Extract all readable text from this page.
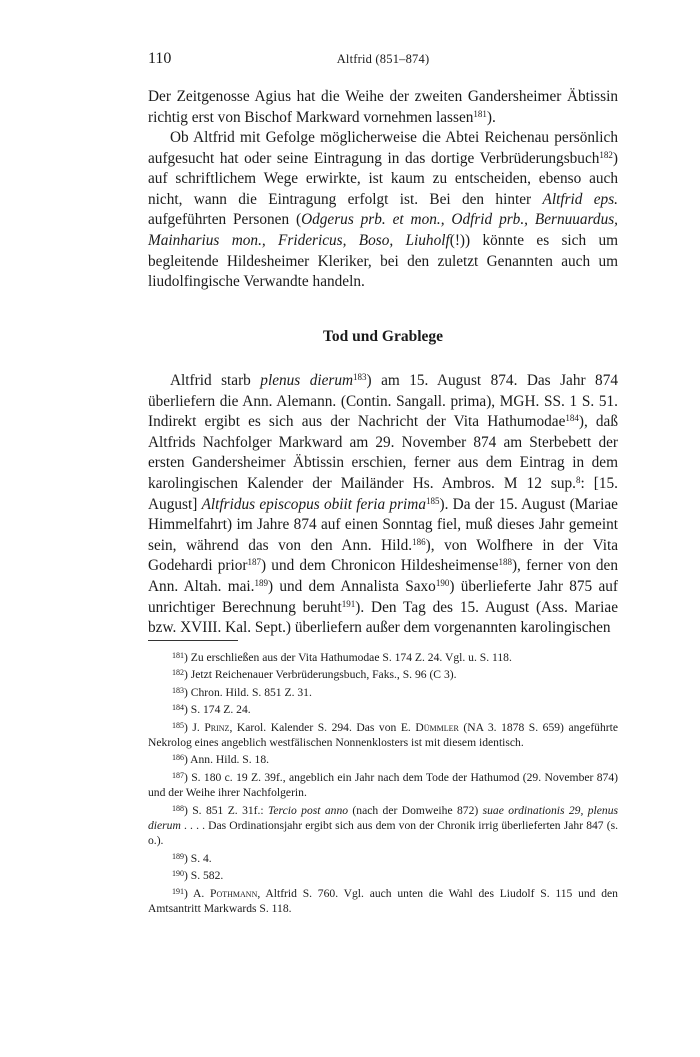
110	Altfrid (851–874)

Der Zeitgenosse Agius hat die Weihe der zweiten Gandersheimer Äbtissin richtig erst von Bischof Markward vornehmen lassen$^{181}$).

Ob Altfrid mit Gefolge möglicherweise die Abtei Reichenau persönlich aufgesucht hat oder seine Eintragung in das dortige Verbrüderungsbuch$^{182}$) auf schriftlichem Wege erwirkte, ist kaum zu entscheiden, ebenso auch nicht, wann die Eintragung erfolgt ist. Bei den hinter Altfrid eps. aufgeführten Personen (Odgerus prb. et mon., Odfrid prb., Bernuuardus, Mainharius mon., Fridericus, Boso, Liuholf(!)) könnte es sich um begleitende Hildesheimer Kleriker, bei den zuletzt Genannten auch um liudolfingische Verwandte handeln.

Tod und Grablege

Altfrid starb plenus dierum$^{183}$) am 15. August 874. Das Jahr 874 überliefern die Ann. Alemann. (Contin. Sangall. prima), MGH. SS. 1 S. 51. Indirekt ergibt es sich aus der Nachricht der Vita Hathumodae$^{184}$), daß Altfrids Nachfolger Markward am 29. November 874 am Sterbebett der ersten Gandersheimer Äbtissin erschien, ferner aus dem Eintrag in dem karolingischen Kalender der Mailänder Hs. Ambros. M 12 sup.$^8$: [15. August] Altfridus episcopus obiit feria prima$^{185}$). Da der 15. August (Mariae Himmelfahrt) im Jahre 874 auf einen Sonntag fiel, muß dieses Jahr gemeint sein, während das von den Ann. Hild.$^{186}$), von Wolfhere in der Vita Godehardi prior$^{187}$) und dem Chronicon Hildesheimense$^{188}$), ferner von den Ann. Altah. mai.$^{189}$) und dem Annalista Saxo$^{190}$) überlieferte Jahr 875 auf unrichtiger Berechnung beruht$^{191}$). Den Tag des 15. August (Ass. Mariae bzw. XVIII. Kal. Sept.) überliefern außer dem vorgenannten karolingischen

$^{181}$) Zu erschließen aus der Vita Hathumodae S. 174 Z. 24. Vgl. u. S. 118.

$^{182}$) Jetzt Reichenauer Verbrüderungsbuch, Faks., S. 96 (C 3).

$^{183}$) Chron. Hild. S. 851 Z. 31.

$^{184}$) S. 174 Z. 24.

$^{185}$) J. Prinz, Karol. Kalender S. 294. Das von E. Dümmler (NA 3. 1878 S. 659) angeführte Nekrolog eines angeblich westfälischen Nonnenklosters ist mit diesem identisch.

$^{186}$) Ann. Hild. S. 18.

$^{187}$) S. 180 c. 19 Z. 39f., angeblich ein Jahr nach dem Tode der Hathumod (29. November 874) und der Weihe ihrer Nachfolgerin.

$^{188}$) S. 851 Z. 31f.: Tercio post anno (nach der Domweihe 872) suae ordinationis 29, plenus dierum . . . . Das Ordinationsjahr ergibt sich aus dem von der Chronik irrig überlieferten Jahr 847 (s. o.).

$^{189}$) S. 4.

$^{190}$) S. 582.

$^{191}$) A. Pothmann, Altfrid S. 760. Vgl. auch unten die Wahl des Liudolf S. 115 und den Amtsantritt Markwards S. 118.
